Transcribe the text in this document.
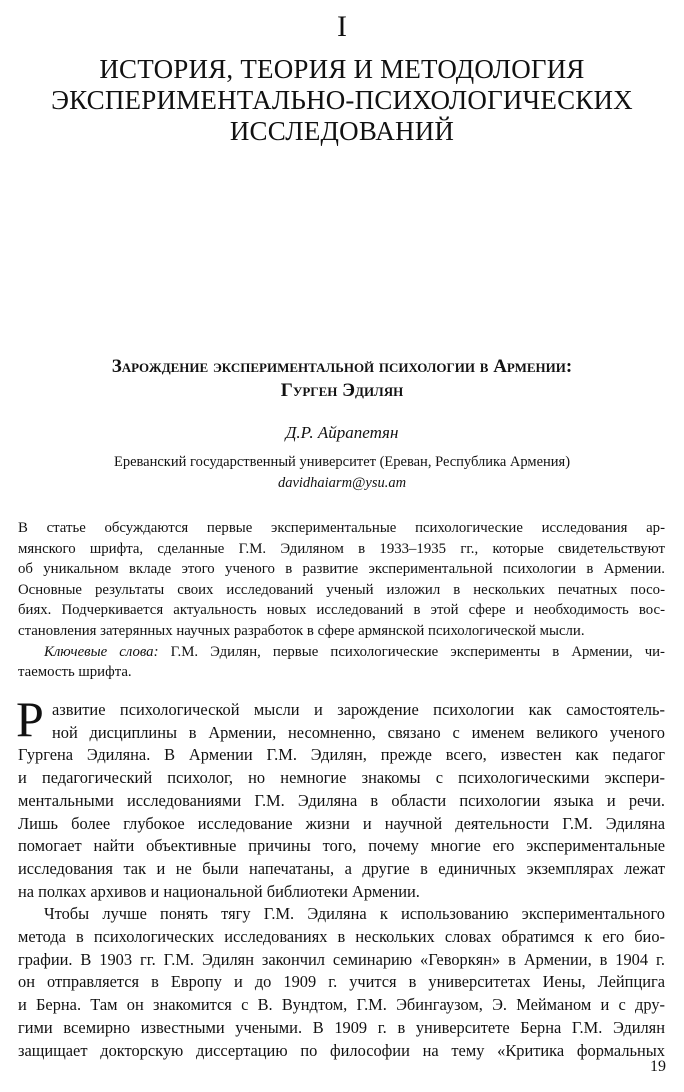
I
ИСТОРИЯ, ТЕОРИЯ И МЕТОДОЛОГИЯ
ЭКСПЕРИМЕНТАЛЬНО-ПСИХОЛОГИЧЕСКИХ
ИССЛЕДОВАНИЙ
Зарождение экспериментальной психологии в Армении:
Гурген Эдилян
Д.Р. Айрапетян
Ереванский государственный университет (Ереван, Республика Армения)
davidhaiarm@ysu.am
В статье обсуждаются первые экспериментальные психологические исследования ар-
мянского шрифта, сделанные Г.М. Эдиляном в 1933–1935 гг., которые свидетельствуют
об уникальном вкладе этого ученого в развитие экспериментальной психологии в Армении.
Основные результаты своих исследований ученый изложил в нескольких печатных посо-
биях. Подчеркивается актуальность новых исследований в этой сфере и необходимость вос-
становления затерянных научных разработок в сфере армянской психологической мысли.
Ключевые слова: Г.М. Эдилян, первые психологические эксперименты в Армении, чи-
таемость шрифта.
Р азвитие психологической мысли и зарождение психологии как самостоятель-
ной дисциплины в Армении, несомненно, связано с именем великого ученого
Гургена Эдиляна. В Армении Г.М. Эдилян, прежде всего, известен как педагог
и педагогический психолог, но немногие знакомы с психологическими экспери-
ментальными исследованиями Г.М. Эдиляна в области психологии языка и речи.
Лишь более глубокое исследование жизни и научной деятельности Г.М. Эдиляна
помогает найти объективные причины того, почему многие его экспериментальные
исследования так и не были напечатаны, а другие в единичных экземплярах лежат
на полках архивов и национальной библиотеки Армении.
Чтобы лучше понять тягу Г.М. Эдиляна к использованию экспериментального
метода в психологических исследованиях в нескольких словах обратимся к его био-
графии. В 1903 гг. Г.М. Эдилян закончил семинарию «Геворкян» в Армении, в 1904 г.
он отправляется в Европу и до 1909 г. учится в университетах Иены, Лейпцига
и Берна. Там он знакомится с В. Вундтом, Г.М. Эбингаузом, Э. Мейманом и с дру-
гими всемирно известными учеными. В 1909 г. в университете Берна Г.М. Эдилян
защищает докторскую диссертацию по философии на тему «Критика формальных
19
